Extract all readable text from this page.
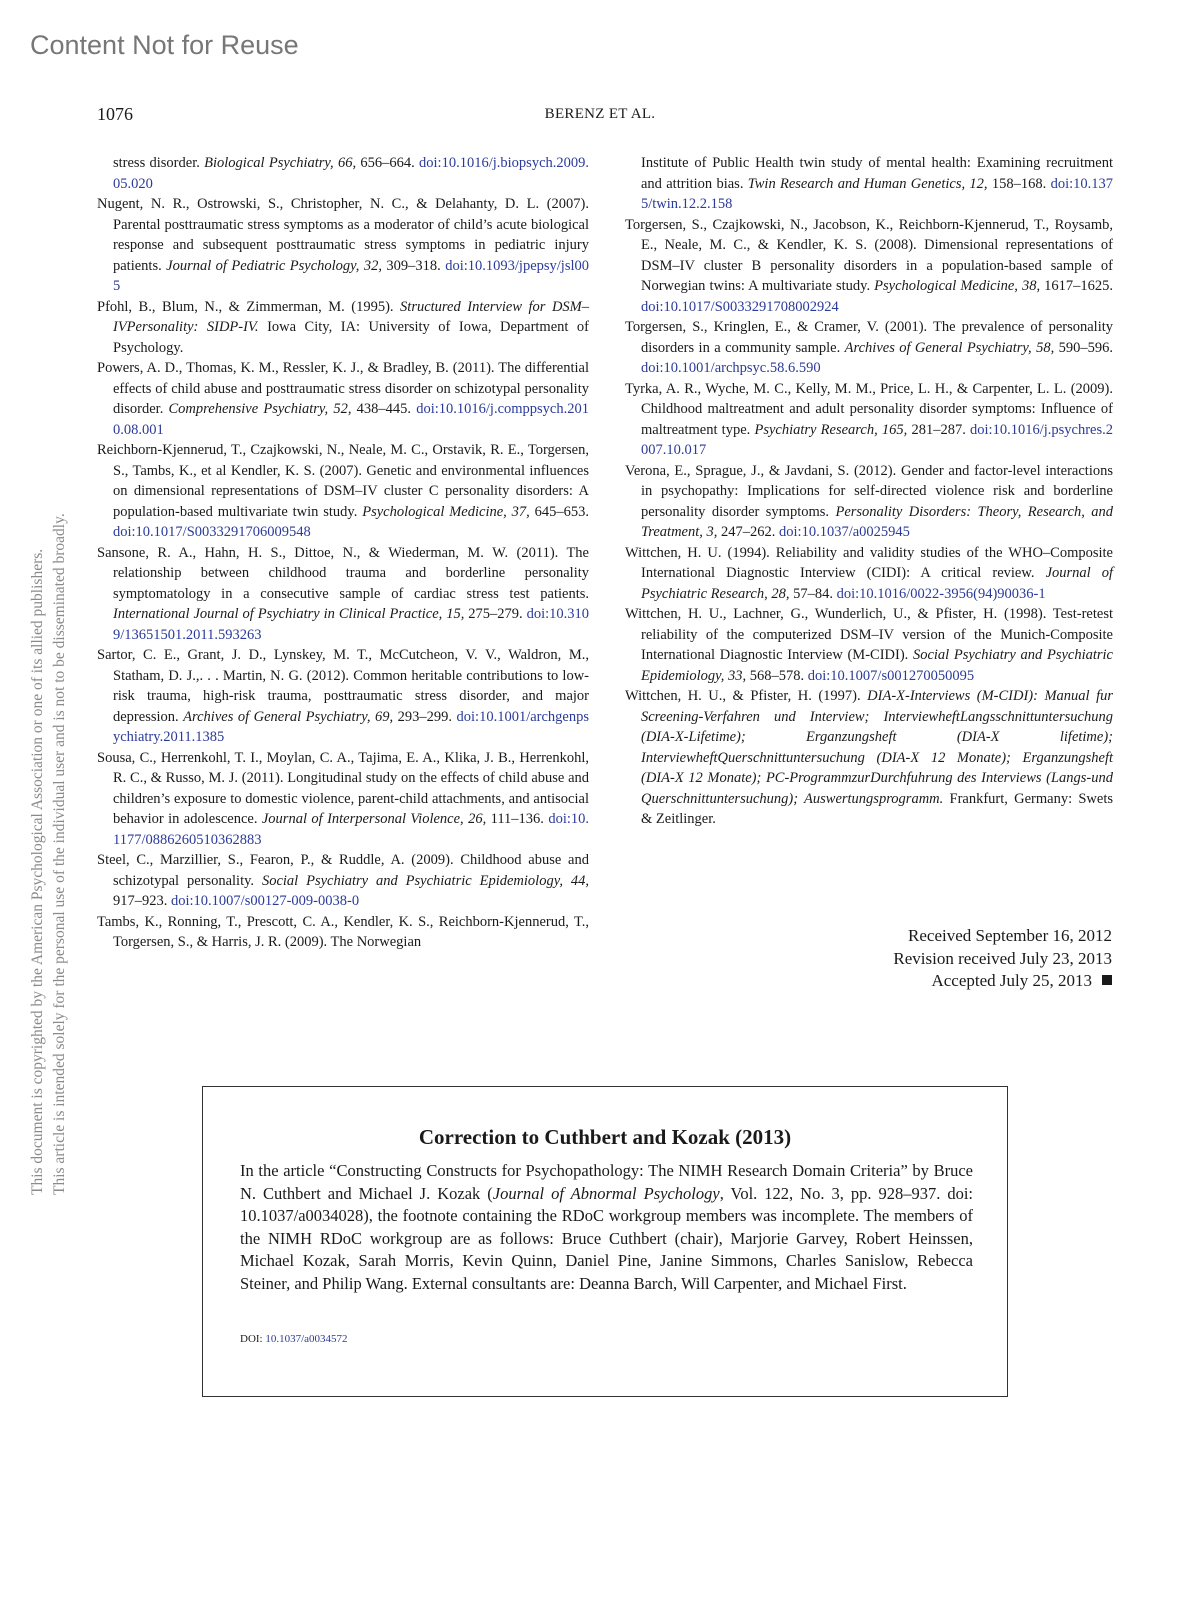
Content Not for Reuse
This document is copyrighted by the American Psychological Association or one of its allied publishers. This article is intended solely for the personal use of the individual user and is not to be disseminated broadly.
1076	BERENZ ET AL.

stress disorder. Biological Psychiatry, 66, 656–664. doi:10.1016/j.biopsych.2009.05.020

Nugent, N. R., Ostrowski, S., Christopher, N. C., & Delahanty, D. L. (2007). Parental posttraumatic stress symptoms as a moderator of child’s acute biological response and subsequent posttraumatic stress symptoms in pediatric injury patients. Journal of Pediatric Psychology, 32, 309–318. doi:10.1093/jpepsy/jsl005

Pfohl, B., Blum, N., & Zimmerman, M. (1995). Structured Interview for DSM–IVPersonality: SIDP-IV. Iowa City, IA: University of Iowa, Department of Psychology.

Powers, A. D., Thomas, K. M., Ressler, K. J., & Bradley, B. (2011). The differential effects of child abuse and posttraumatic stress disorder on schizotypal personality disorder. Comprehensive Psychiatry, 52, 438–445. doi:10.1016/j.comppsych.2010.08.001

Reichborn-Kjennerud, T., Czajkowski, N., Neale, M. C., Orstavik, R. E., Torgersen, S., Tambs, K., et al Kendler, K. S. (2007). Genetic and environmental influences on dimensional representations of DSM–IV cluster C personality disorders: A population-based multivariate twin study. Psychological Medicine, 37, 645–653. doi:10.1017/S0033291706009548

Sansone, R. A., Hahn, H. S., Dittoe, N., & Wiederman, M. W. (2011). The relationship between childhood trauma and borderline personality symptomatology in a consecutive sample of cardiac stress test patients. International Journal of Psychiatry in Clinical Practice, 15, 275–279. doi:10.3109/13651501.2011.593263

Sartor, C. E., Grant, J. D., Lynskey, M. T., McCutcheon, V. V., Waldron, M., Statham, D. J.,. . . Martin, N. G. (2012). Common heritable contributions to low-risk trauma, high-risk trauma, posttraumatic stress disorder, and major depression. Archives of General Psychiatry, 69, 293–299. doi:10.1001/archgenpsychiatry.2011.1385

Sousa, C., Herrenkohl, T. I., Moylan, C. A., Tajima, E. A., Klika, J. B., Herrenkohl, R. C., & Russo, M. J. (2011). Longitudinal study on the effects of child abuse and children’s exposure to domestic violence, parent-child attachments, and antisocial behavior in adolescence. Journal of Interpersonal Violence, 26, 111–136. doi:10.1177/0886260510362883

Steel, C., Marzillier, S., Fearon, P., & Ruddle, A. (2009). Childhood abuse and schizotypal personality. Social Psychiatry and Psychiatric Epidemiology, 44, 917–923. doi:10.1007/s00127-009-0038-0

Tambs, K., Ronning, T., Prescott, C. A., Kendler, K. S., Reichborn-Kjennerud, T., Torgersen, S., & Harris, J. R. (2009). The Norwegian

Institute of Public Health twin study of mental health: Examining recruitment and attrition bias. Twin Research and Human Genetics, 12, 158–168. doi:10.1375/twin.12.2.158

Torgersen, S., Czajkowski, N., Jacobson, K., Reichborn-Kjennerud, T., Roysamb, E., Neale, M. C., & Kendler, K. S. (2008). Dimensional representations of DSM–IV cluster B personality disorders in a population-based sample of Norwegian twins: A multivariate study. Psychological Medicine, 38, 1617–1625. doi:10.1017/S0033291708002924

Torgersen, S., Kringlen, E., & Cramer, V. (2001). The prevalence of personality disorders in a community sample. Archives of General Psychiatry, 58, 590–596. doi:10.1001/archpsyc.58.6.590

Tyrka, A. R., Wyche, M. C., Kelly, M. M., Price, L. H., & Carpenter, L. L. (2009). Childhood maltreatment and adult personality disorder symptoms: Influence of maltreatment type. Psychiatry Research, 165, 281–287. doi:10.1016/j.psychres.2007.10.017

Verona, E., Sprague, J., & Javdani, S. (2012). Gender and factor-level interactions in psychopathy: Implications for self-directed violence risk and borderline personality disorder symptoms. Personality Disorders: Theory, Research, and Treatment, 3, 247–262. doi:10.1037/a0025945

Wittchen, H. U. (1994). Reliability and validity studies of the WHO–Composite International Diagnostic Interview (CIDI): A critical review. Journal of Psychiatric Research, 28, 57–84. doi:10.1016/0022-3956(94)90036-1

Wittchen, H. U., Lachner, G., Wunderlich, U., & Pfister, H. (1998). Test-retest reliability of the computerized DSM–IV version of the Munich-Composite International Diagnostic Interview (M-CIDI). Social Psychiatry and Psychiatric Epidemiology, 33, 568–578. doi:10.1007/s001270050095

Wittchen, H. U., & Pfister, H. (1997). DIA-X-Interviews (M-CIDI): Manual fur Screening-Verfahren und Interview; InterviewheftLangsschnittuntersuchung (DIA-X-Lifetime); Erganzungsheft (DIA-X lifetime); InterviewheftQuerschnittuntersuchung (DIA-X 12 Monate); Erganzungsheft (DIA-X 12 Monate); PC-ProgrammzurDurchfuhrung des Interviews (Langs-und Querschnittuntersuchung); Auswertungsprogramm. Frankfurt, Germany: Swets & Zeitlinger.

Received September 16, 2012
Revision received July 23, 2013
Accepted July 25, 2013
Correction to Cuthbert and Kozak (2013)
In the article “Constructing Constructs for Psychopathology: The NIMH Research Domain Criteria” by Bruce N. Cuthbert and Michael J. Kozak (Journal of Abnormal Psychology, Vol. 122, No. 3, pp. 928–937. doi: 10.1037/a0034028), the footnote containing the RDoC workgroup members was incomplete. The members of the NIMH RDoC workgroup are as follows: Bruce Cuthbert (chair), Marjorie Garvey, Robert Heinssen, Michael Kozak, Sarah Morris, Kevin Quinn, Daniel Pine, Janine Simmons, Charles Sanislow, Rebecca Steiner, and Philip Wang. External consultants are: Deanna Barch, Will Carpenter, and Michael First.
DOI: 10.1037/a0034572
